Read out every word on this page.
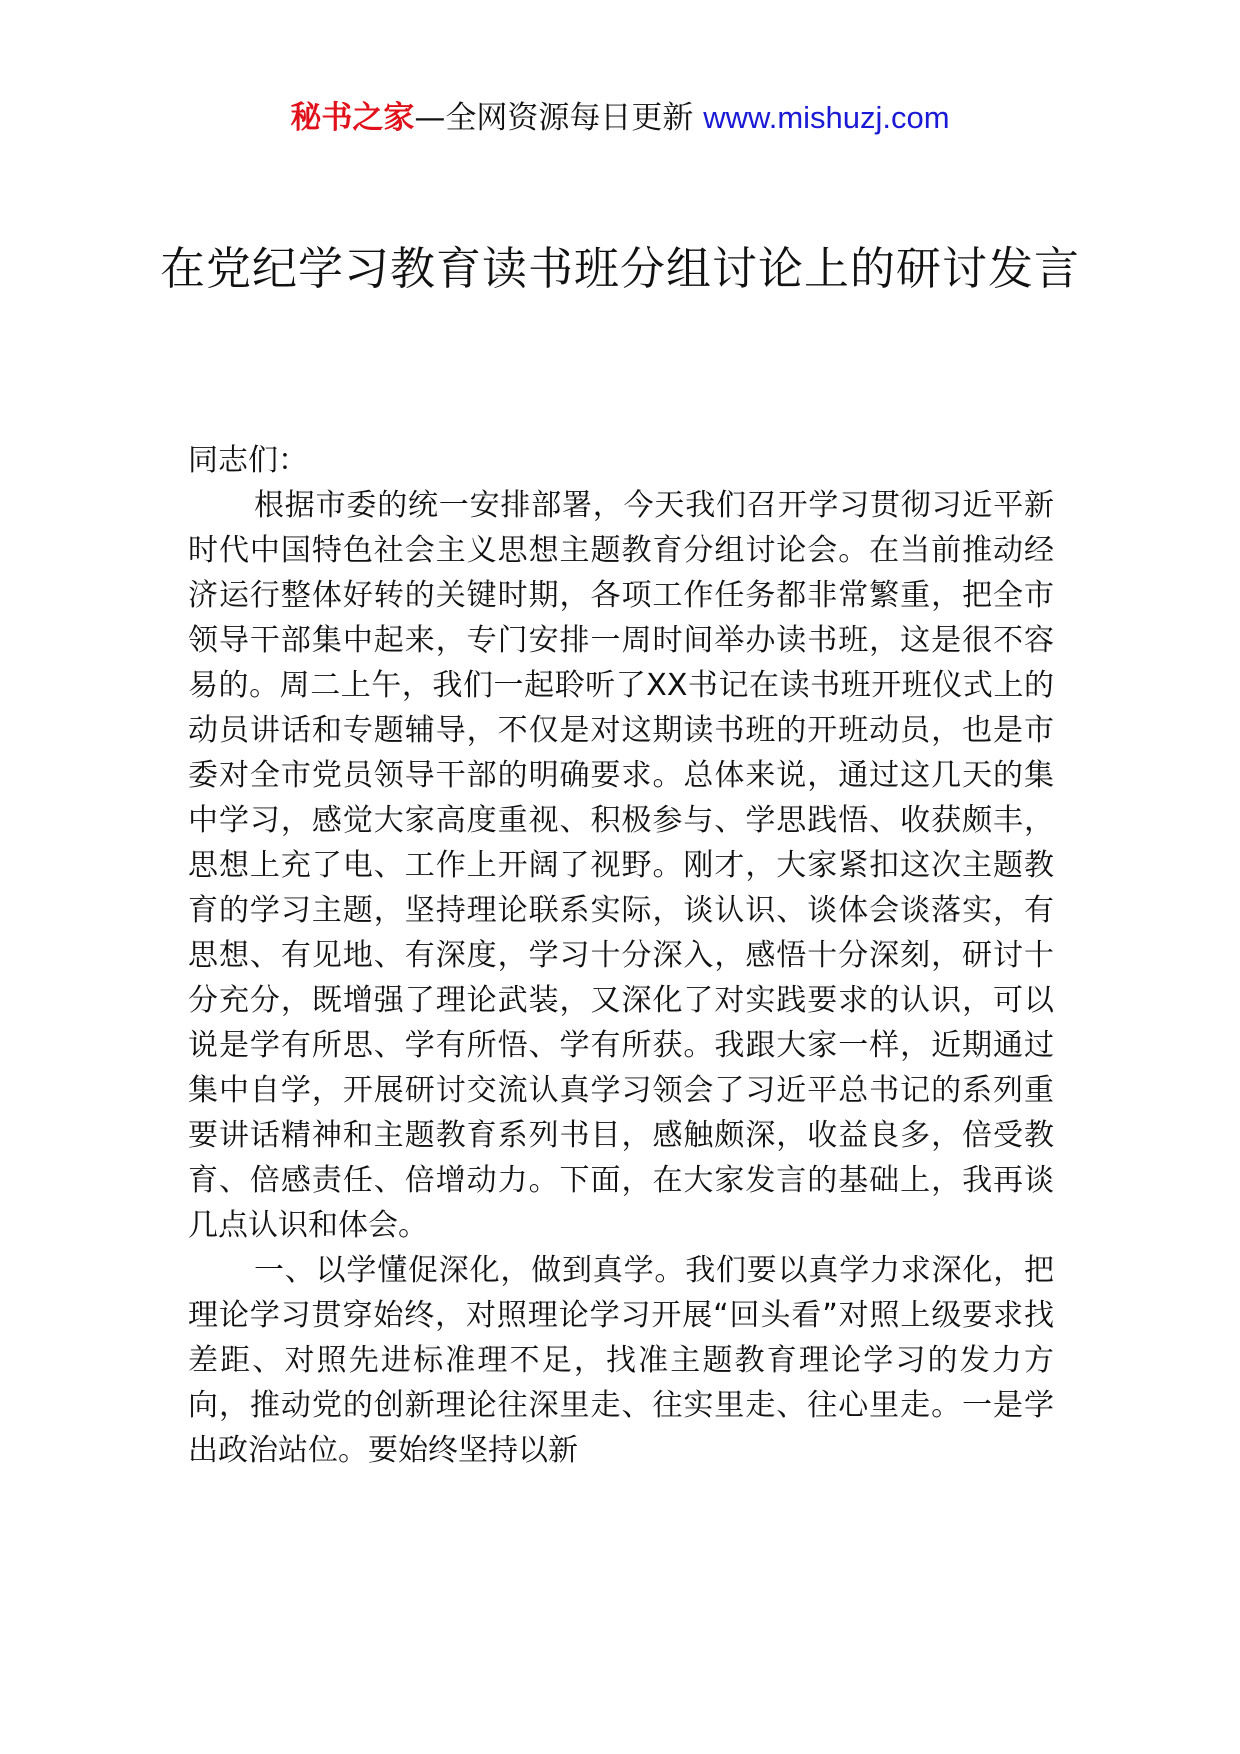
秘书之家—全网资源每日更新 www.mishuzj.com
在党纪学习教育读书班分组讨论上的研讨发言

同志们：

根据市委的统一安排部署，今天我们召开学习贯彻习近平新时代中国特色社会主义思想主题教育分组讨论会。在当前推动经济运行整体好转的关键时期，各项工作任务都非常繁重，把全市领导干部集中起来，专门安排一周时间举办读书班，这是很不容易的。周二上午，我们一起聆听了XX书记在读书班开班仪式上的动员讲话和专题辅导，不仅是对这期读书班的开班动员，也是市委对全市党员领导干部的明确要求。总体来说，通过这几天的集中学习，感觉大家高度重视、积极参与、学思践悟、收获颇丰，思想上充了电、工作上开阔了视野。刚才，大家紧扣这次主题教育的学习主题，坚持理论联系实际，谈认识、谈体会谈落实，有思想、有见地、有深度，学习十分深入，感悟十分深刻，研讨十分充分，既增强了理论武装，又深化了对实践要求的认识，可以说是学有所思、学有所悟、学有所获。我跟大家一样，近期通过集中自学，开展研讨交流认真学习领会了习近平总书记的系列重要讲话精神和主题教育系列书目，感触颇深，收益良多，倍受教育、倍感责任、倍增动力。下面，在大家发言的基础上，我再谈几点认识和体会。

一、以学懂促深化，做到真学。我们要以真学力求深化，把理论学习贯穿始终，对照理论学习开展“回头看”对照上级要求找差距、对照先进标准理不足，找准主题教育理论学习的发力方向，推动党的创新理论往深里走、往实里走、往心里走。一是学出政治站位。要始终坚持以新
